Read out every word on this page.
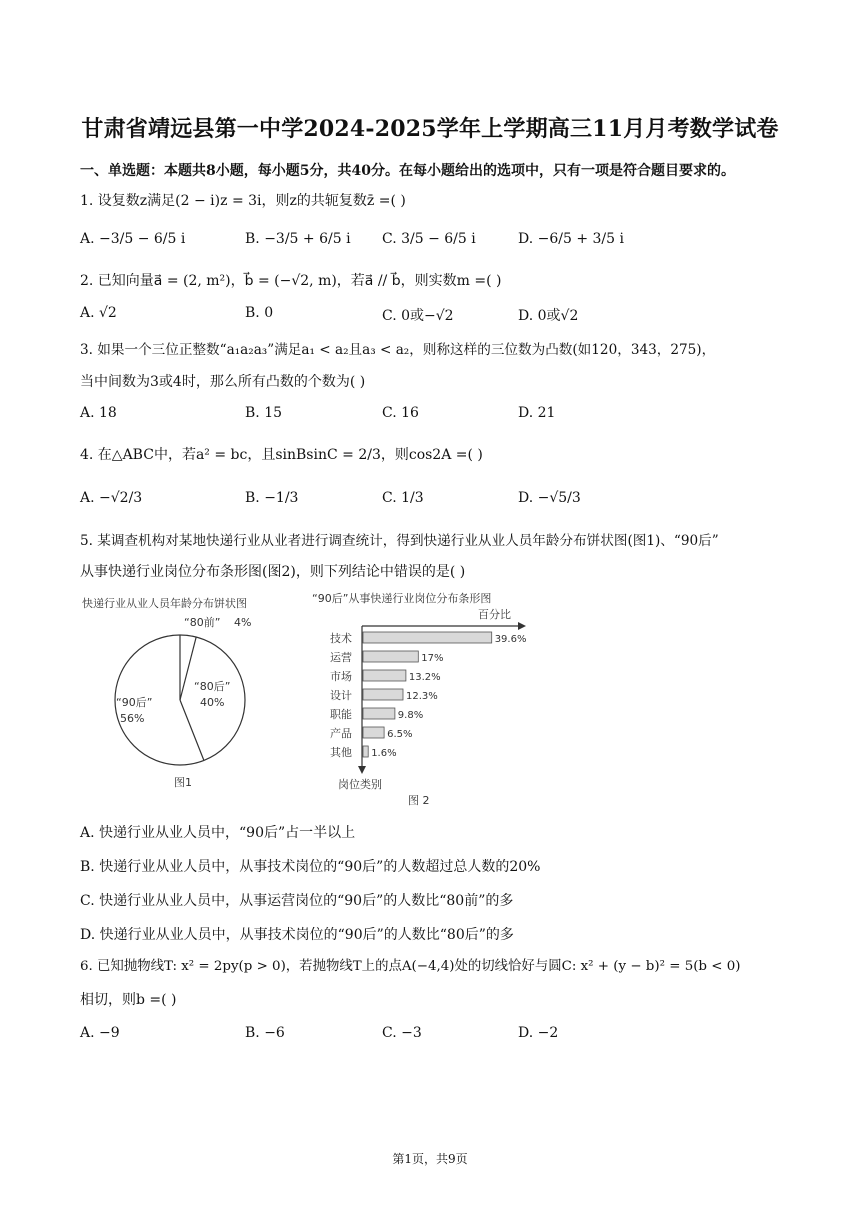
甘肃省靖远县第一中学2024-2025学年上学期高三11月月考数学试卷
一、单选题：本题共8小题，每小题5分，共40分。在每小题给出的选项中，只有一项是符合题目要求的。
1. 设复数z满足(2 − i)z = 3i，则z的共轭复数z̄ =( )
A. −3/5 − 6/5 i	B. −3/5 + 6/5 i C. 3/5 − 6/5 i	D. −6/5 + 3/5 i
2. 已知向量a⃗ = (2, m²)，b⃗ = (−√2, m)，若a⃗ // b⃗，则实数m =( )
A. √2	B. 0	C. 0或−√2	D. 0或√2
3. 如果一个三位正整数“a₁a₂a₃”满足a₁ < a₂且a₃ < a₂，则称这样的三位数为凸数(如120，343，275)，
当中间数为3或4时，那么所有凸数的个数为( )
A. 18	B. 15	C. 16	D. 21
4. 在△ABC中，若a² = bc，且sinBsinC = 2/3，则cos2A =( )
A. −√2/3	B. −1/3	C. 1/3	D. −√5/3
5. 某调查机构对某地快递行业从业者进行调查统计，得到快递行业从业人员年龄分布饼状图(图1)、“90后”
从事快递行业岗位分布条形图(图2)，则下列结论中错误的是( )
快递行业从业人员年龄分布饼状图
“80前” 4%
“80后”
40%
“90后”
56%
图1
“90后”从事快递行业岗位分布条形图
百分比
技术	39.6%
运营	17%
市场	13.2%
设计	12.3%
职能	9.8%
产品	6.5%
其他 1.6%
岗位类别
图 2
A. 快递行业从业人员中，“90后”占一半以上
B. 快递行业从业人员中，从事技术岗位的“90后”的人数超过总人数的20%
C. 快递行业从业人员中，从事运营岗位的“90后”的人数比“80前”的多
D. 快递行业从业人员中，从事技术岗位的“90后”的人数比“80后”的多
6. 已知抛物线T: x² = 2py(p > 0)，若抛物线T上的点A(−4,4)处的切线恰好与圆C: x² + (y − b)² = 5(b < 0)
相切，则b =( )
A. −9	B. −6	C. −3	D. −2
第1页，共9页
